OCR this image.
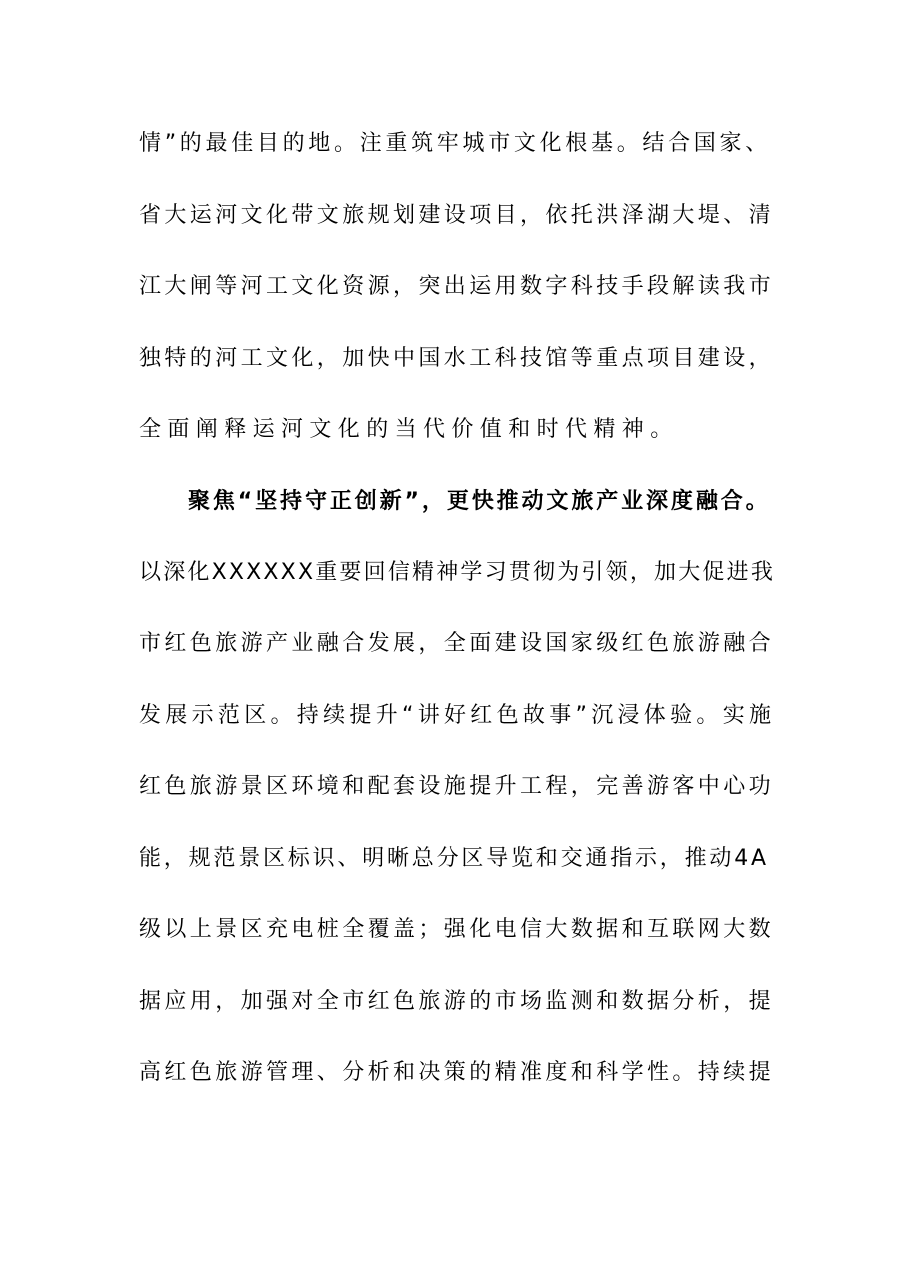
情”的最佳目的地。注重筑牢城市文化根基。结合国家、
省大运河文化带文旅规划建设项目，依托洪泽湖大堤、清
江大闸等河工文化资源，突出运用数字科技手段解读我市
独特的河工文化，加快中国水工科技馆等重点项目建设，
全面阐释运河文化的当代价值和时代精神。
聚焦“坚持守正创新”，更快推动文旅产业深度融合。
以深化XXXXXX重要回信精神学习贯彻为引领，加大促进我
市红色旅游产业融合发展，全面建设国家级红色旅游融合
发展示范区。持续提升“讲好红色故事”沉浸体验。实施
红色旅游景区环境和配套设施提升工程，完善游客中心功
能，规范景区标识、明晰总分区导览和交通指示，推动4A
级以上景区充电桩全覆盖；强化电信大数据和互联网大数
据应用，加强对全市红色旅游的市场监测和数据分析，提
高红色旅游管理、分析和决策的精准度和科学性。持续提
